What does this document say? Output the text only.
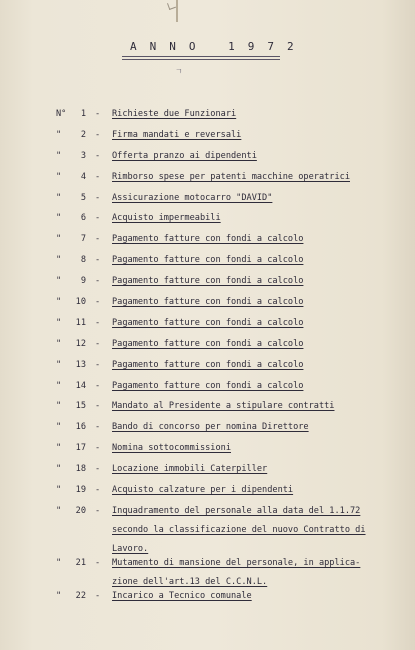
ANNO 1972
ㄱ
N° 1 - Richieste due Funzionari
" 2 - Firma mandati e reversali
" 3 - Offerta pranzo ai dipendenti
" 4 - Rimborso spese per patenti macchine operatrici
" 5 - Assicurazione motocarro "DAVID"
" 6 - Acquisto impermeabili
" 7 - Pagamento fatture con fondi a calcolo
" 8 - Pagamento fatture con fondi a calcolo
" 9 - Pagamento fatture con fondi a calcolo
" 10 - Pagamento fatture con fondi a calcolo
" 11 - Pagamento fatture con fondi a calcolo
" 12 - Pagamento fatture con fondi a calcolo
" 13 - Pagamento fatture con fondi a calcolo
" 14 - Pagamento fatture con fondi a calcolo
" 15 - Mandato al Presidente a stipulare contratti
" 16 - Bando di concorso per nomina Direttore
" 17 - Nomina sottocommissioni
" 18 - Locazione immobili Caterpiller
" 19 - Acquisto calzature per i dipendenti
" 20 - Inquadramento del personale alla data del 1.1.72
secondo la classificazione del nuovo Contratto di
Lavoro.
" 21 - Mutamento di mansione del personale, in applica-
zione dell'art.13 del C.C.N.L.
" 22 - Incarico a Tecnico comunale
